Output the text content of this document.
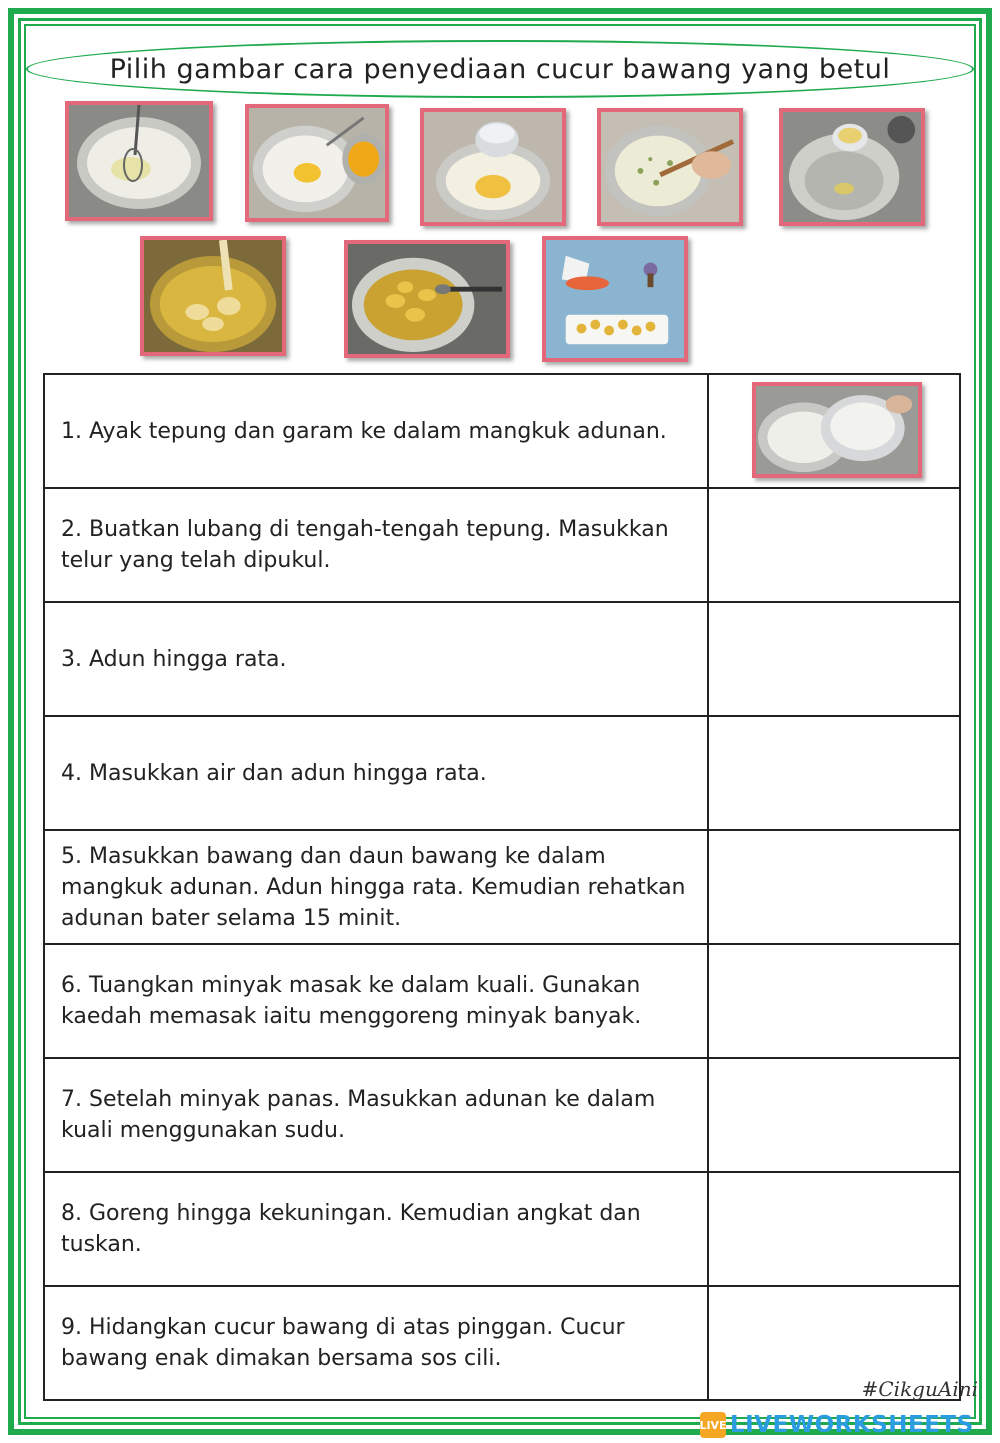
Pilih gambar cara penyediaan cucur bawang yang betul
1. Ayak tepung dan garam ke dalam mangkuk adunan.	

2. Buatkan lubang di tengah-tengah tepung. Masukkan telur yang telah dipukul.	
3. Adun hingga rata.	
4. Masukkan air dan adun hingga rata.	
5. Masukkan bawang dan daun bawang ke dalam mangkuk adunan. Adun hingga rata. Kemudian rehatkan adunan bater selama 15 minit.	
6. Tuangkan minyak masak ke dalam kuali. Gunakan kaedah memasak iaitu menggoreng minyak banyak.	
7. Setelah minyak panas. Masukkan adunan ke dalam kuali menggunakan sudu.	
8. Goreng hingga kekuningan. Kemudian angkat dan tuskan.	
9. Hidangkan cucur bawang di atas pinggan. Cucur bawang enak dimakan bersama sos cili.	
#CikguAini
LIVE LIVEWORKSHEETS
